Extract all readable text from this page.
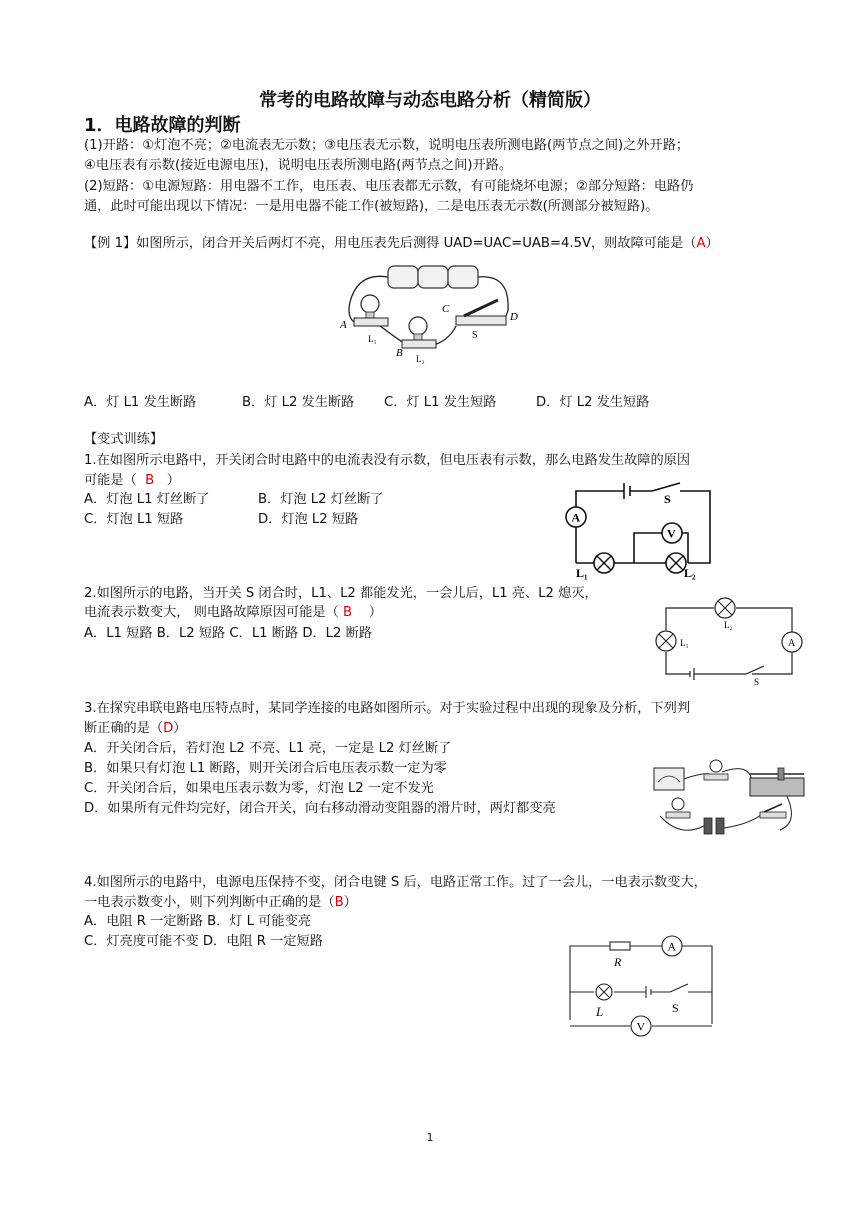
常考的电路故障与动态电路分析（精简版）
1．电路故障的判断
(1)开路：①灯泡不亮；②电流表无示数；③电压表无示数，说明电压表所测电路(两节点之间)之外开路；
④电压表有示数(接近电源电压)，说明电压表所测电路(两节点之间)开路。
(2)短路：①电源短路：用电器不工作，电压表、电压表都无示数，有可能烧坏电源；②部分短路：电路仍
通，此时可能出现以下情况：一是用电器不能工作(被短路)，二是电压表无示数(所测部分被短路)。
【例 1】如图所示，闭合开关后两灯不亮，用电压表先后测得 UAD=UAC=UAB=4.5V，则故障可能是（A）
A
L₁
B L₂
C
S
D
A．灯 L1 发生断路	B．灯 L2 发生断路 C．灯 L1 发生短路	D．灯 L2 发生短路
【变式训练】
1.在如图所示电路中，开关闭合时电路中的电流表没有示数，但电压表有示数，那么电路发生故障的原因
可能是（ B ）
A．灯泡 L1 灯丝断了	B．灯泡 L2 灯丝断了
C．灯泡 L1 短路	D．灯泡 L2 短路	A
V
S
L₁	L₂
2.如图所示的电路，当开关 S 闭合时，L1、L2 都能发光，一会儿后，L1 亮、L2 熄灭，
电流表示数变大， 则电路故障原因可能是（ B ）
A．L1 短路 B．L2 短路 C．L1 断路 D．L2 断路
A
L₂
L₁
S
3.在探究串联电路电压特点时，某同学连接的电路如图所示。对于实验过程中出现的现象及分析，下列判
断正确的是（D）
A．开关闭合后，若灯泡 L2 不亮、L1 亮，一定是 L2 灯丝断了
B．如果只有灯泡 L1 断路，则开关闭合后电压表示数一定为零
C．开关闭合后，如果电压表示数为零，灯泡 L2 一定不发光
D．如果所有元件均完好，闭合开关，向右移动滑动变阻器的滑片时，两灯都变亮
4.如图所示的电路中，电源电压保持不变，闭合电键 S 后，电路正常工作。过了一会儿，一电表示数变大，
一电表示数变小，则下列判断中正确的是（B）
A．电阻 R 一定断路 B．灯 L 可能变亮
C．灯亮度可能不变 D．电阻 R 一定短路	A
V
R
L	S
1
